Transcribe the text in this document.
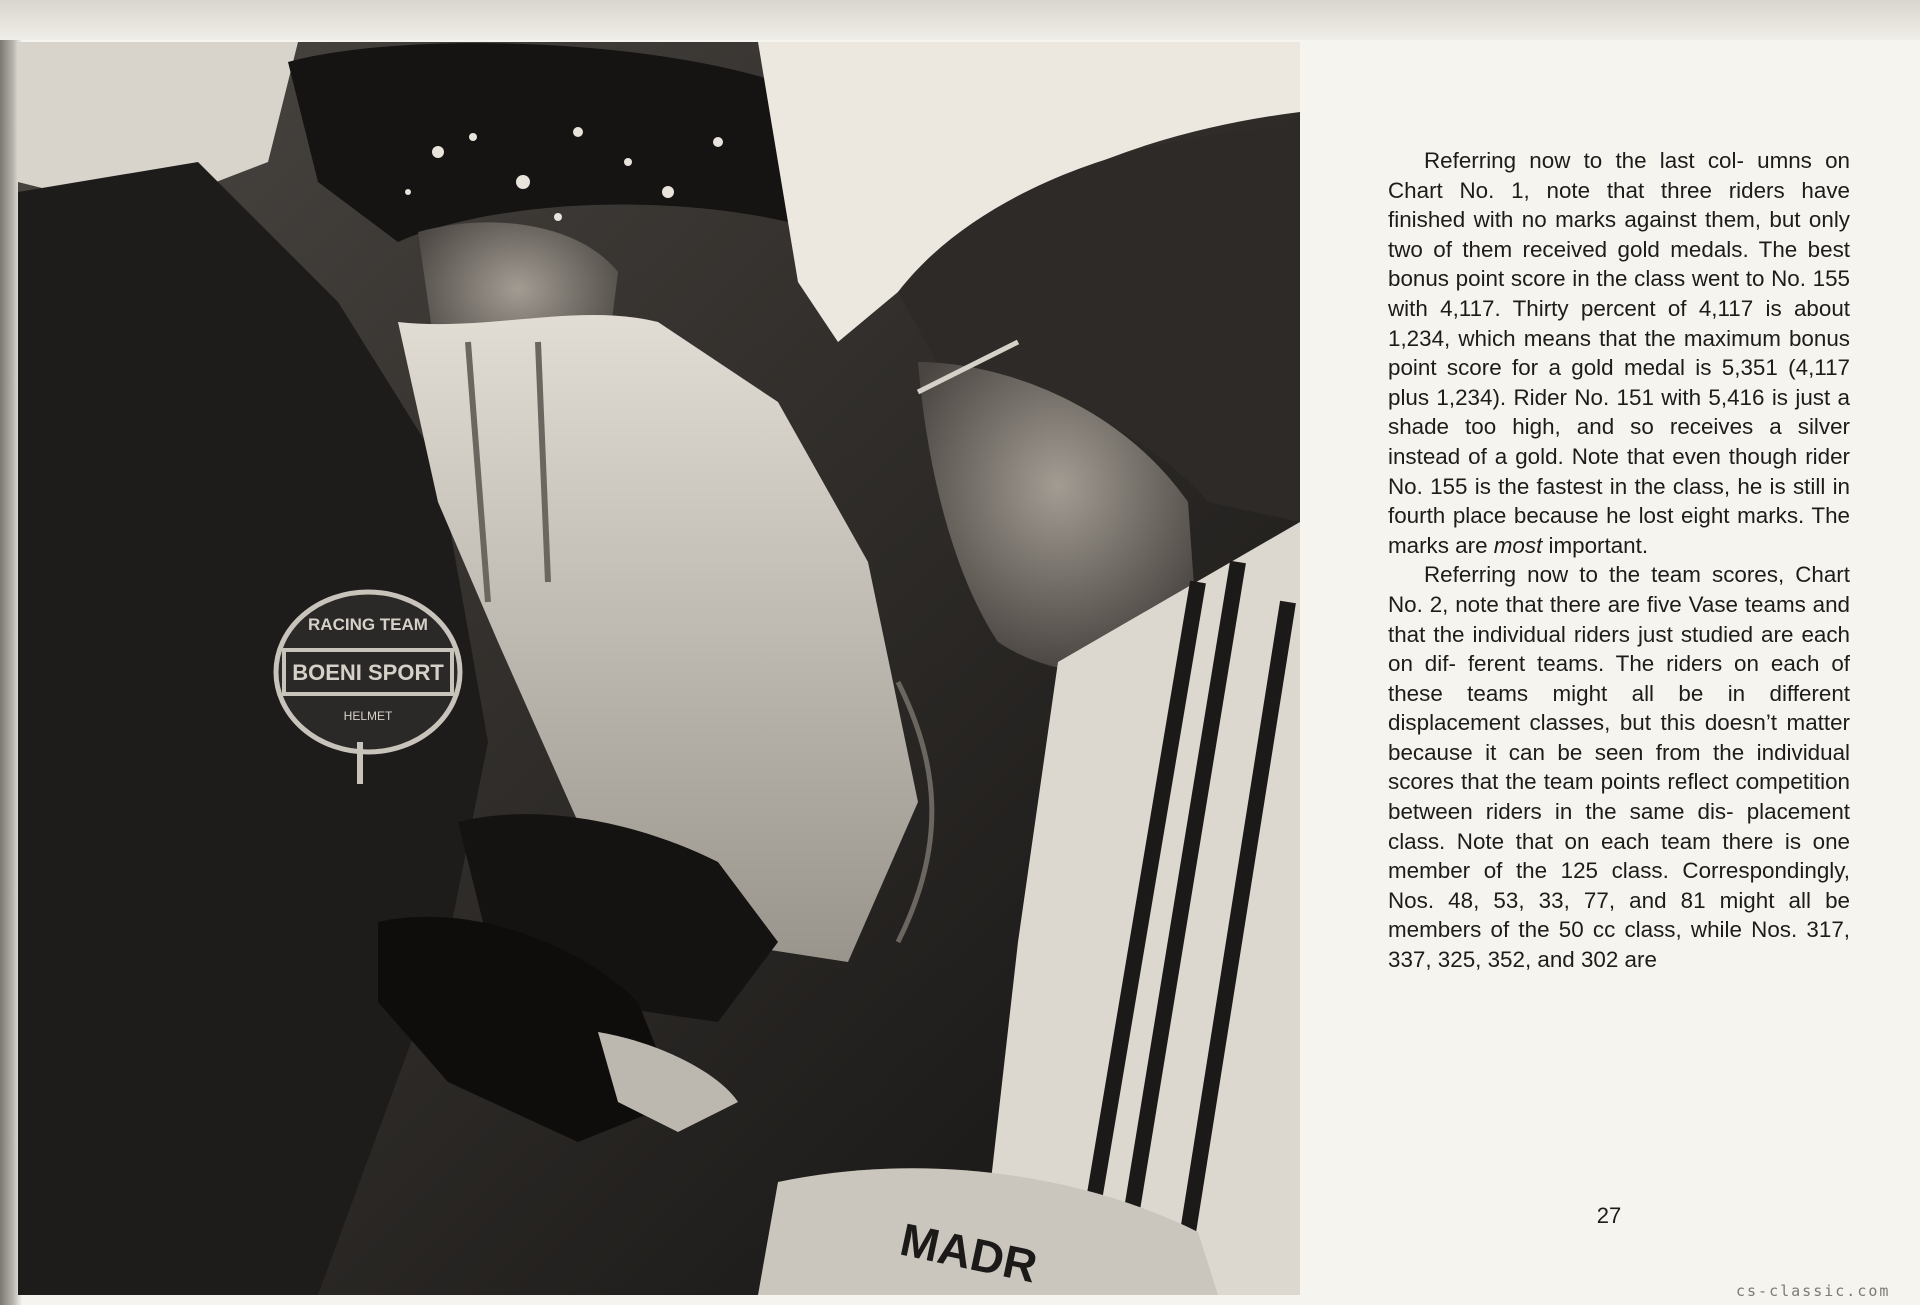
RACING TEAM
BOENI SPORT
HELMET
MADR

Referring now to the last col- umns on Chart No. 1, note that three riders have finished with no marks against them, but only two of them received gold medals. The best bonus point score in the class went to No. 155 with 4,117. Thirty percent of 4,117 is about 1,234, which means that the maximum bonus point score for a gold medal is 5,351 (4,117 plus 1,234). Rider No. 151 with 5,416 is just a shade too high, and so receives a silver instead of a gold. Note that even though rider No. 155 is the fastest in the class, he is still in fourth place because he lost eight marks. The marks are most important.

Referring now to the team scores, Chart No. 2, note that there are five Vase teams and that the individual riders just studied are each on dif- ferent teams. The riders on each of these teams might all be in different displacement classes, but this doesn’t matter because it can be seen from the individual scores that the team points reflect competition between riders in the same dis- placement class. Note that on each team there is one member of the 125 class. Correspondingly, Nos. 48, 53, 33, 77, and 81 might all be members of the 50 cc class, while Nos. 317, 337, 325, 352, and 302 are

27
cs-classic.com
